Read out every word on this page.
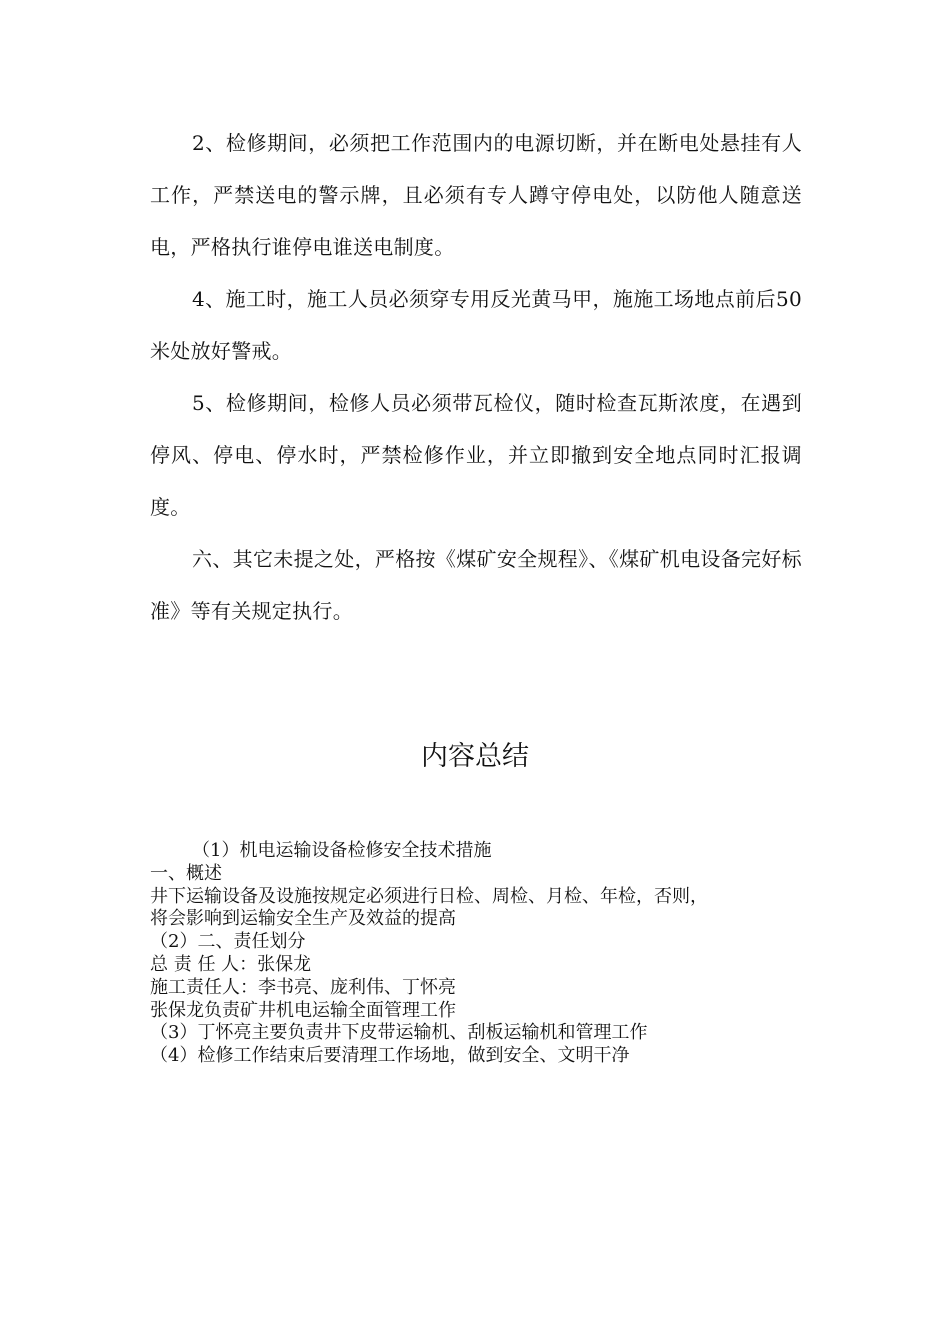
2、检修期间，必须把工作范围内的电源切断，并在断电处悬挂有人工作，严禁送电的警示牌，且必须有专人蹲守停电处，以防他人随意送电，严格执行谁停电谁送电制度。

4、施工时，施工人员必须穿专用反光黄马甲，施施工场地点前后50米处放好警戒。

5、检修期间，检修人员必须带瓦检仪，随时检查瓦斯浓度，在遇到停风、停电、停水时，严禁检修作业，并立即撤到安全地点同时汇报调度。

六、其它未提之处，严格按《煤矿安全规程》、《煤矿机电设备完好标准》等有关规定执行。

内容总结

（1）机电运输设备检修安全技术措施

一、概述

井下运输设备及设施按规定必须进行日检、周检、月检、年检，否则，

将会影响到运输安全生产及效益的提高

（2）二、责任划分

总 责 任 人：张保龙

施工责任人：李书亮、庞利伟、丁怀亮

张保龙负责矿井机电运输全面管理工作

（3）丁怀亮主要负责井下皮带运输机、刮板运输机和管理工作

（4）检修工作结束后要清理工作场地，做到安全、文明干净
